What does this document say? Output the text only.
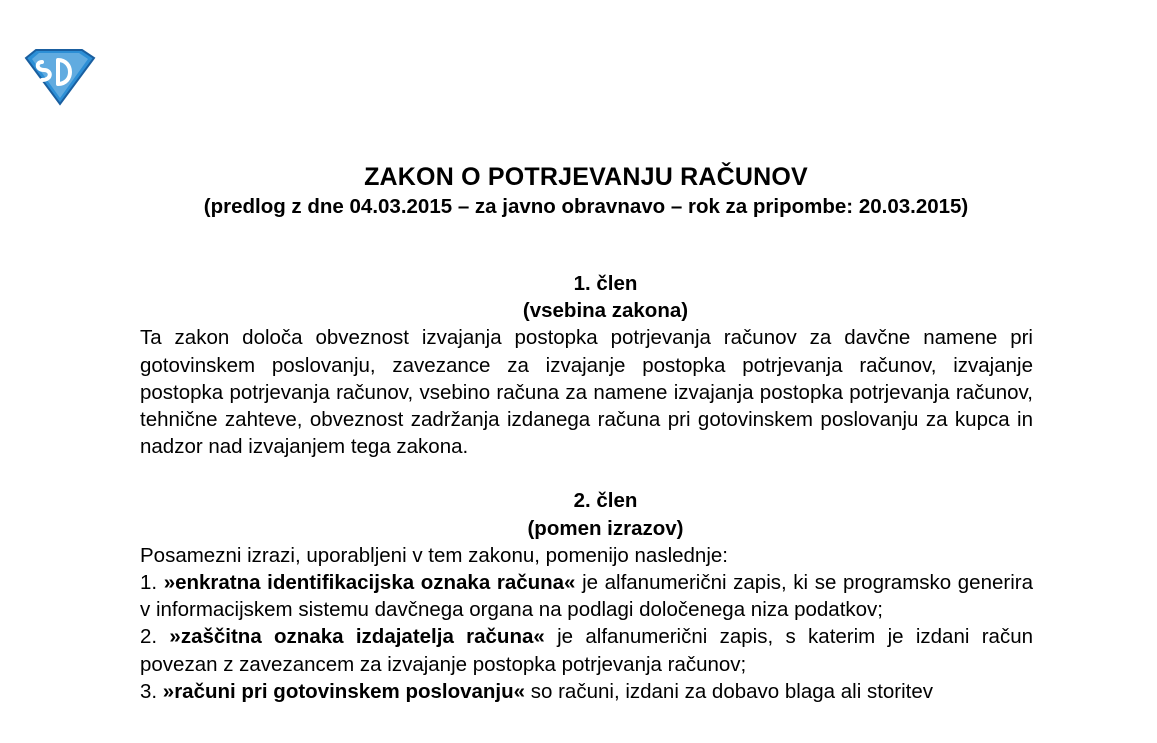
ZAKON O POTRJEVANJU RAČUNOV
(predlog z dne 04.03.2015 – za javno obravnavo – rok za pripombe: 20.03.2015)
1. člen
(vsebina zakona)

Ta zakon določa obveznost izvajanja postopka potrjevanja računov za davčne namene pri gotovinskem poslovanju, zavezance za izvajanje postopka potrjevanja računov, izvajanje postopka potrjevanja računov, vsebino računa za namene izvajanja postopka potrjevanja računov, tehnične zahteve, obveznost zadržanja izdanega računa pri gotovinskem poslovanju za kupca in nadzor nad izvajanjem tega zakona.

2. člen
(pomen izrazov)

Posamezni izrazi, uporabljeni v tem zakonu, pomenijo naslednje:

1. »enkratna identifikacijska oznaka računa« je alfanumerični zapis, ki se programsko generira v informacijskem sistemu davčnega organa na podlagi določenega niza podatkov;

2. »zaščitna oznaka izdajatelja računa« je alfanumerični zapis, s katerim je izdani račun povezan z zavezancem za izvajanje postopka potrjevanja računov;

3. »računi pri gotovinskem poslovanju« so računi, izdani za dobavo blaga ali storitev
